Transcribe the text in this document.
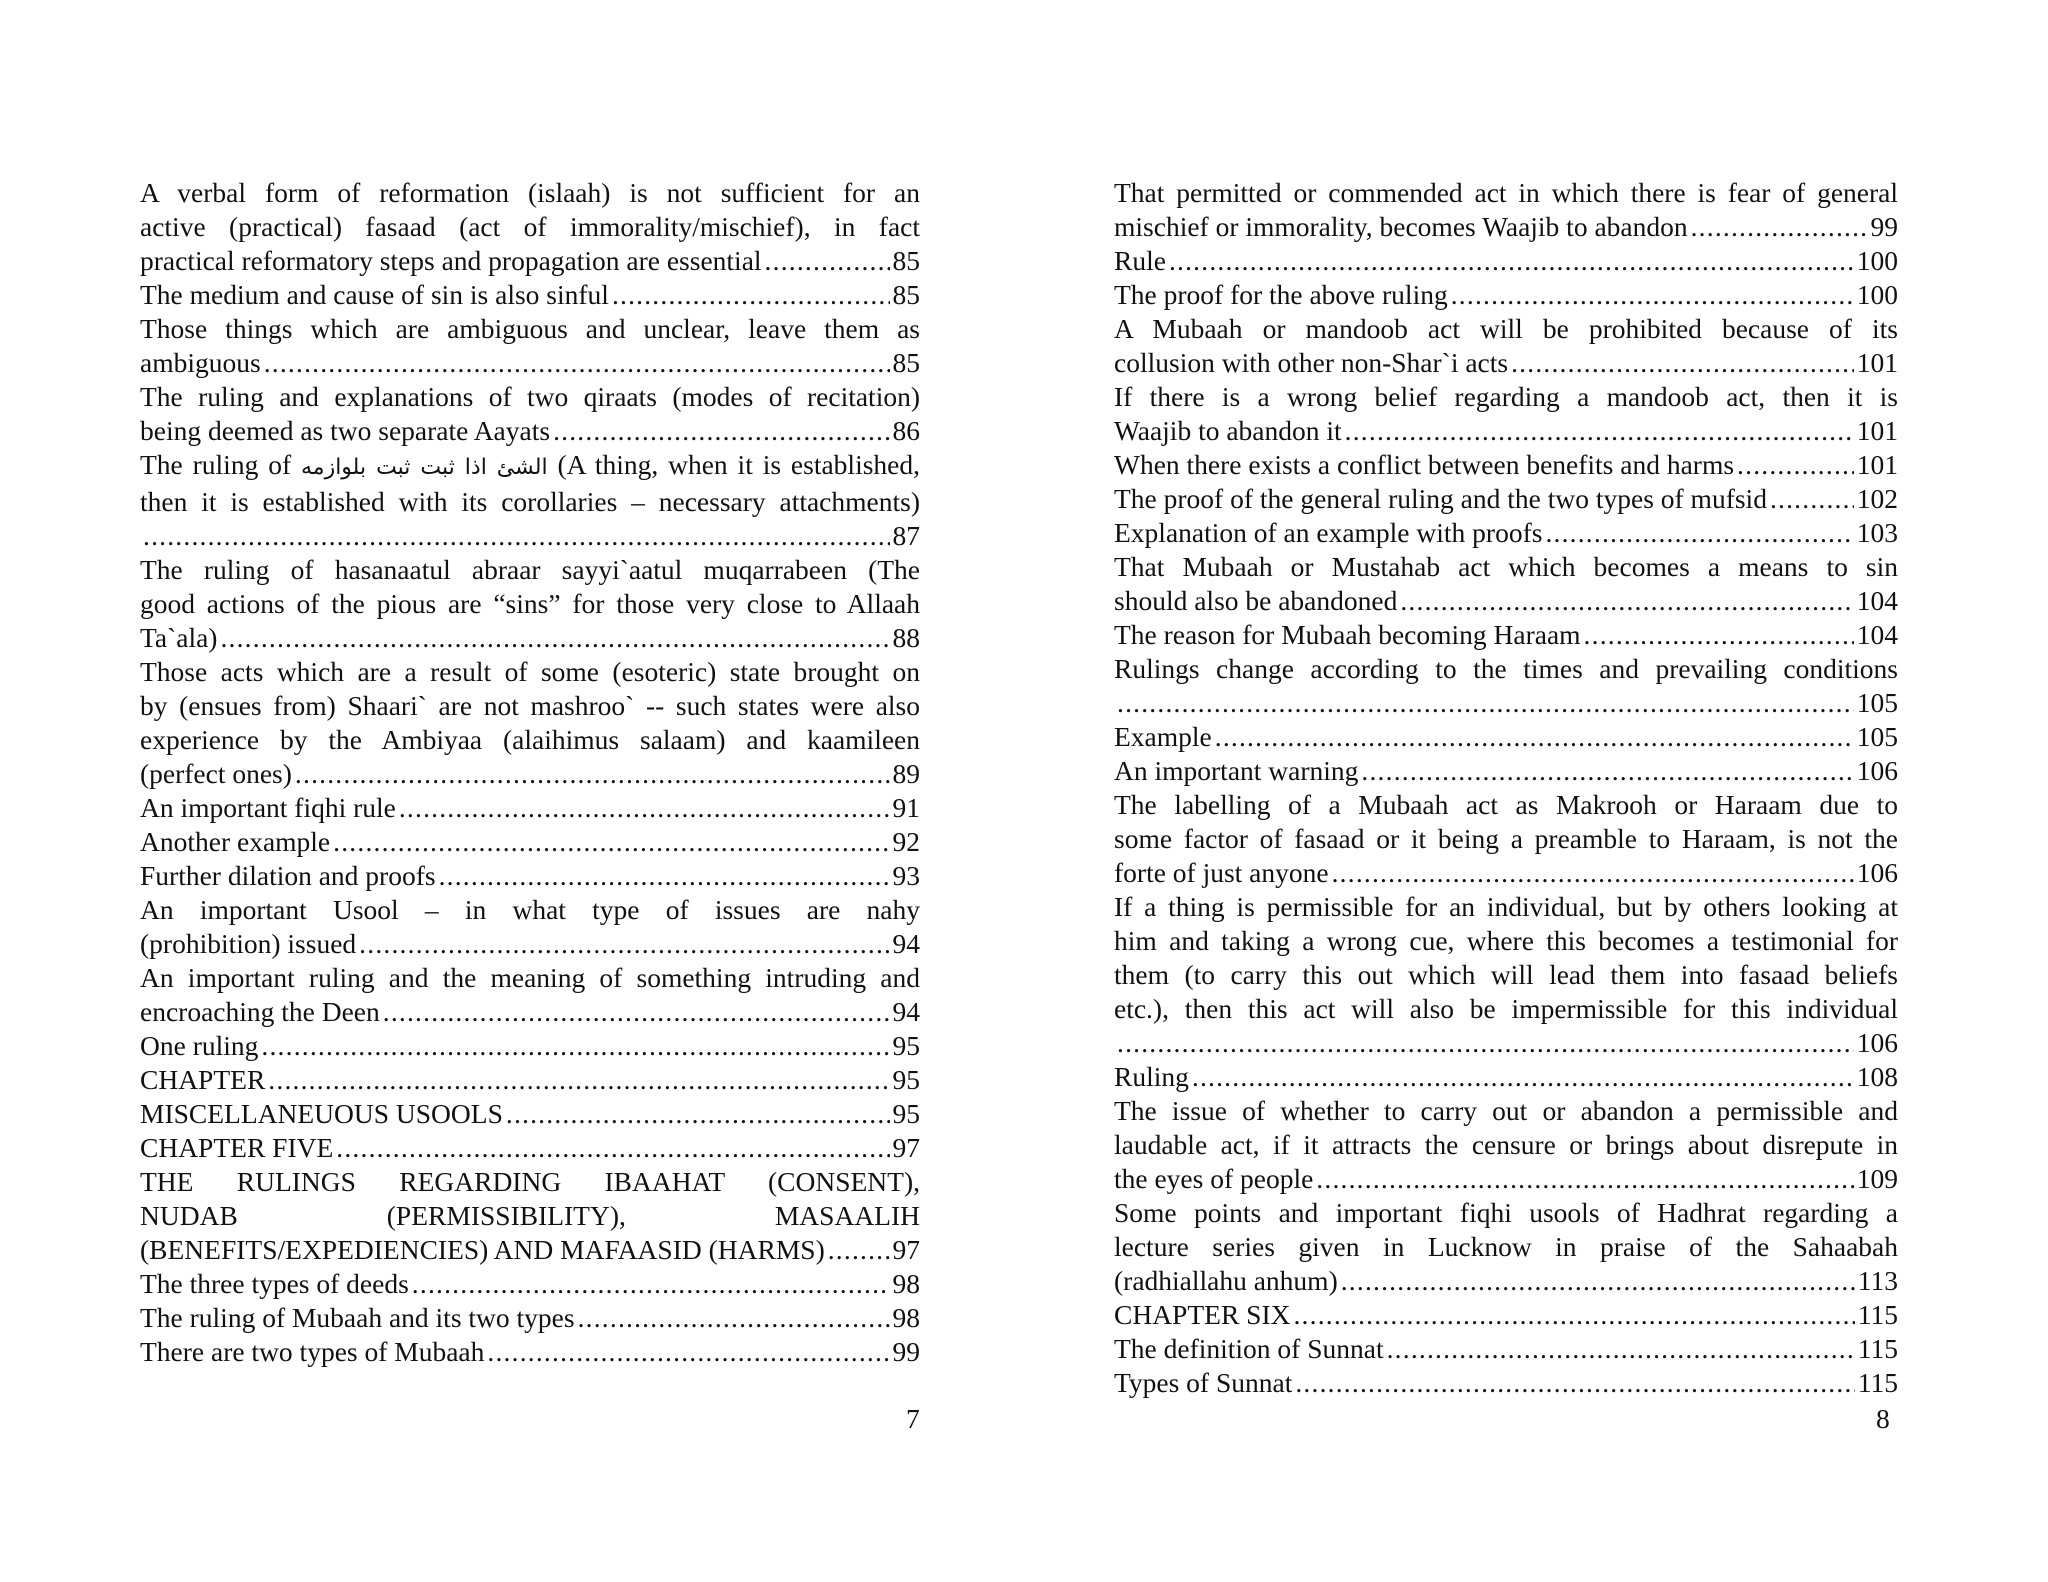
A verbal form of reformation (islaah) is not sufficient for an
active (practical) fasaad (act of immorality/mischief), in fact
practical reformatory steps and propagation are essential .....	85
The medium and cause of sin is also sinful .....	85
Those things which are ambiguous and unclear, leave them as
ambiguous .....	85
The ruling and explanations of two qiraats (modes of recitation)
being deemed as two separate Aayats .....	86
The ruling of الشئ اذا ثبت ثبت بلوازمه (A thing, when it is established,
then it is established with its corollaries – necessary attachments)
.....
87
The ruling of hasanaatul abraar sayyi`aatul muqarrabeen (The
good actions of the pious are “sins” for those very close to Allaah
Ta`ala) .....	88
Those acts which are a result of some (esoteric) state brought on
by (ensues from) Shaari` are not mashroo` -- such states were also
experience by the Ambiyaa (alaihimus salaam) and kaamileen
(perfect ones) .....	89
An important fiqhi rule .....	91
Another example .....	92
Further dilation and proofs .....	93
An important Usool – in what type of issues are nahy
(prohibition) issued .....	94
An important ruling and the meaning of something intruding and
encroaching the Deen .....	94
One ruling .....	95
CHAPTER .....	95
MISCELLANEUOUS USOOLS .....	95
CHAPTER FIVE .....	97
THE RULINGS REGARDING IBAAHAT (CONSENT),
NUDAB (PERMISSIBILITY), MASAALIH
(BENEFITS/EXPEDIENCIES) AND MAFAASID (HARMS) ..... 97
The three types of deeds .....	98
The ruling of Mubaah and its two types .....	98
There are two types of Mubaah .....	99
That permitted or commended act in which there is fear of general
mischief or immorality, becomes Waajib to abandon .....	99
Rule .....	100
The proof for the above ruling .....	100
A Mubaah or mandoob act will be prohibited because of its
collusion with other non-Shar`i acts .....	101
If there is a wrong belief regarding a mandoob act, then it is
Waajib to abandon it .....	101
When there exists a conflict between benefits and harms .....	101
The proof of the general ruling and the two types of mufsid .....	102
Explanation of an example with proofs .....	103
That Mubaah or Mustahab act which becomes a means to sin
should also be abandoned .....	104
The reason for Mubaah becoming Haraam .....	104
Rulings change according to the times and prevailing conditions
.....
105
Example .....	105
An important warning .....	106
The labelling of a Mubaah act as Makrooh or Haraam due to
some factor of fasaad or it being a preamble to Haraam, is not the
forte of just anyone .....	106
If a thing is permissible for an individual, but by others looking at
him and taking a wrong cue, where this becomes a testimonial for
them (to carry this out which will lead them into fasaad beliefs
etc.), then this act will also be impermissible for this individual
.....
106
Ruling .....	108
The issue of whether to carry out or abandon a permissible and
laudable act, if it attracts the censure or brings about disrepute in
the eyes of people .....	109
Some points and important fiqhi usools of Hadhrat regarding a
lecture series given in Lucknow in praise of the Sahaabah
(radhiallahu anhum) .....	113
CHAPTER SIX .....	115
The definition of Sunnat .....	115
Types of Sunnat .....	115
7	8
